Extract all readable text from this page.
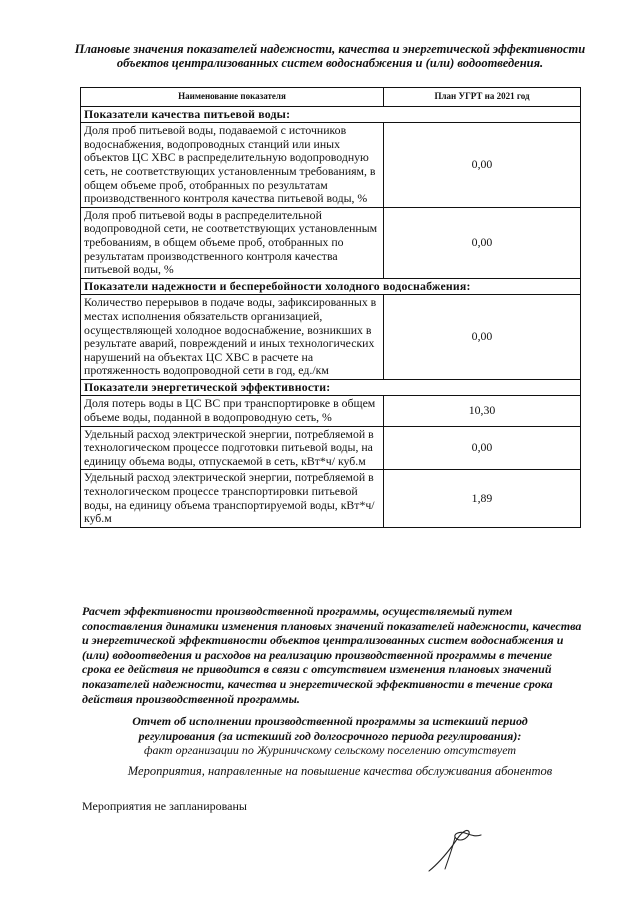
Плановые значения показателей надежности, качества и энергетической эффективности объектов централизованных систем водоснабжения и (или) водоотведения.
Наименование показателя	План УГРТ на 2021 год
Показатели качества питьевой воды:	
Доля проб питьевой воды, подаваемой с источников водоснабжения, водопроводных станций или иных объектов ЦС ХВС в распределительную водопроводную сеть, не соответствующих установленным требованиям, в общем объеме проб, отобранных по результатам производственного контроля качества питьевой воды, %	0,00
Доля проб питьевой воды в распределительной водопроводной сети, не соответствующих установленным требованиям, в общем объеме проб, отобранных по результатам производственного контроля качества питьевой воды, %	0,00
Показатели надежности и бесперебойности холодного водоснабжения:	
Количество перерывов в подаче воды, зафиксированных в местах исполнения обязательств организацией, осуществляющей холодное водоснабжение, возникших в результате аварий, повреждений и иных технологических нарушений на объектах ЦС ХВС в расчете на протяженность водопроводной сети в год, ед./км	0,00
Показатели энергетической эффективности:	
Доля потерь воды в ЦС ВС при транспортировке в общем объеме воды, поданной в водопроводную сеть, %	10,30
Удельный расход электрической энергии, потребляемой в технологическом процессе подготовки питьевой воды, на единицу объема воды, отпускаемой в сеть, кВт*ч/ куб.м	0,00
Удельный расход электрической энергии, потребляемой в технологическом процессе транспортировки питьевой воды, на единицу объема транспортируемой воды, кВт*ч/ куб.м	1,89
Расчет эффективности производственной программы, осуществляемый путем сопоставления динамики изменения плановых значений показателей надежности, качества и энергетической эффективности объектов централизованных систем водоснабжения и (или) водоотведения и расходов на реализацию производственной программы в течение срока ее действия не приводится в связи с отсутствием изменения плановых значений показателей надежности, качества и энергетической эффективности в течение срока действия производственной программы.
Отчет об исполнении производственной программы за истекший период регулирования (за истекший год долгосрочного периода регулирования):
факт организации по Журиничскому сельскому поселению отсутствует
Мероприятия, направленные на повышение качества обслуживания абонентов
Мероприятия не запланированы
